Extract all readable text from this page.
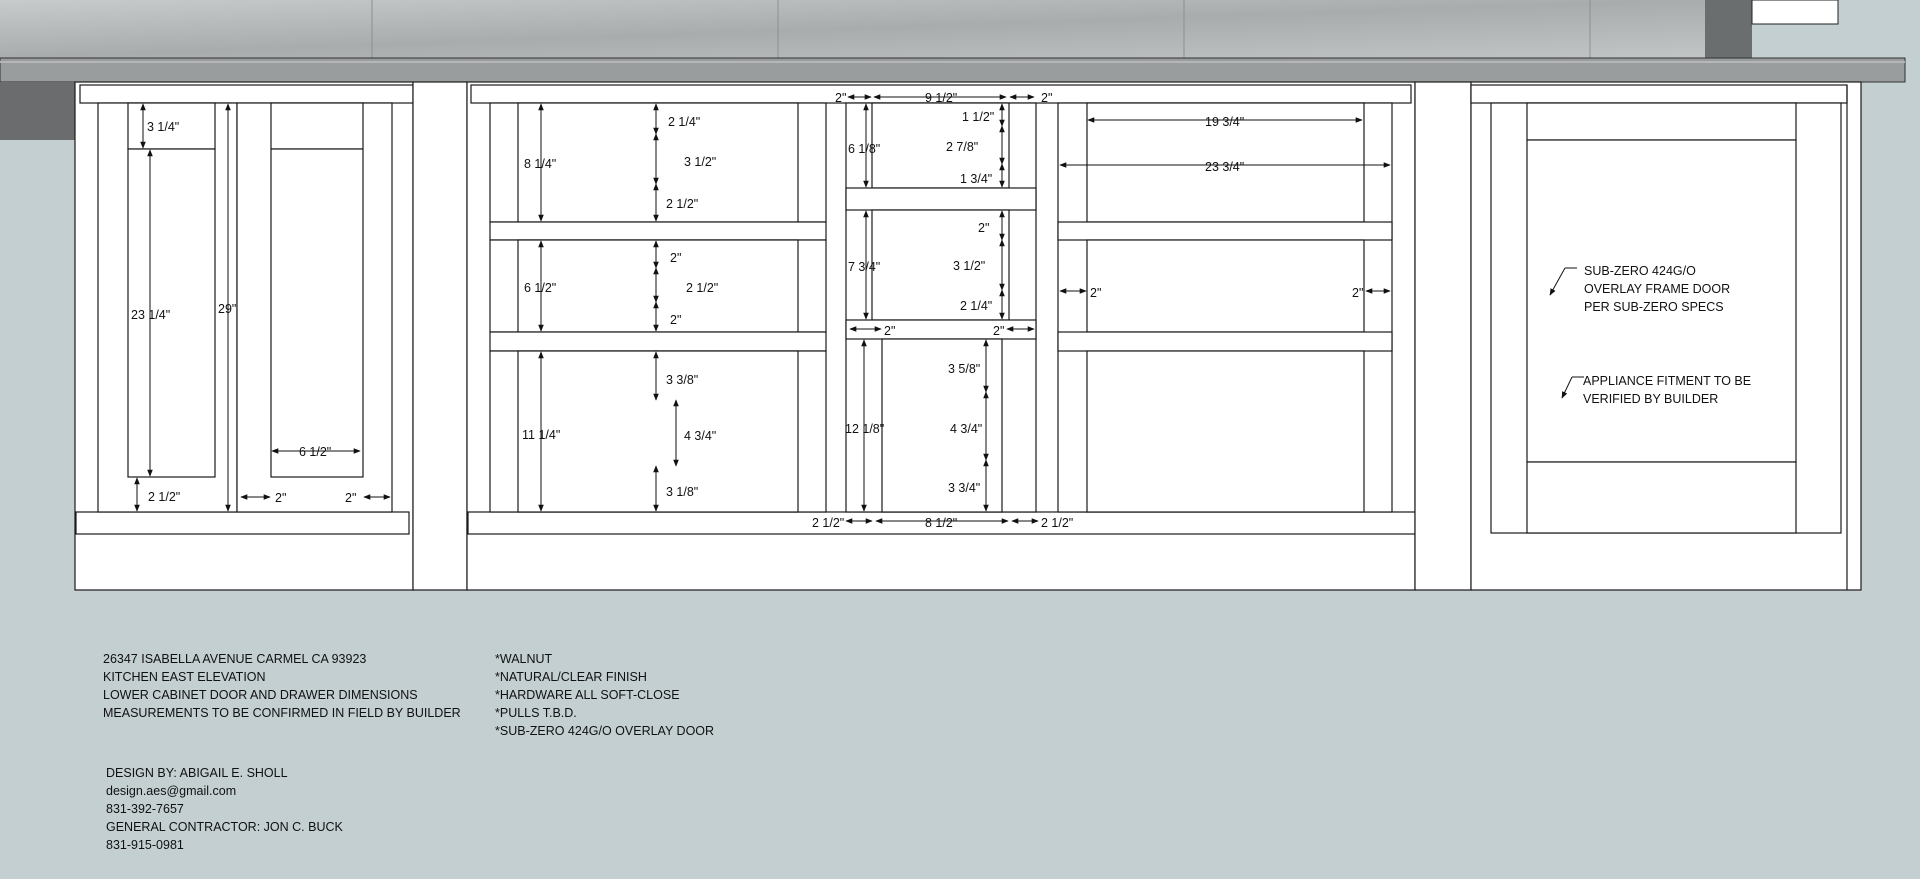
3 1/4"
23 1/4"	29"
2 1/2"
6 1/2"
2"	2"
8 1/4"
2 1/4"
3 1/2"
2 1/2"
6 1/2"
2"
2 1/2"
2"
11 1/4"
3 3/8"
4 3/4"
3 1/8"
2"	9 1/2"	2"
6 1/8"
1 1/2"
2 7/8"
1 3/4"
7 3/4"
2"
3 1/2"
2 1/4"
2"	2"
12 1/8"
3 5/8"
4 3/4"
3 3/4"
2 1/2"	8 1/2"	2 1/2"
19 3/4"
23 3/4"
2"	2"
26347 ISABELLA AVENUE CARMEL CA 93923
KITCHEN EAST ELEVATION
LOWER CABINET DOOR AND DRAWER DIMENSIONS
MEASUREMENTS TO BE CONFIRMED IN FIELD BY BUILDER
*WALNUT
*NATURAL/CLEAR FINISH
*HARDWARE ALL SOFT-CLOSE
*PULLS T.B.D.
*SUB-ZERO 424G/O OVERLAY DOOR
DESIGN BY: ABIGAIL E. SHOLL
design.aes@gmail.com
831-392-7657
GENERAL CONTRACTOR: JON C. BUCK
831-915-0981
SUB-ZERO 424G/O
OVERLAY FRAME DOOR
PER SUB-ZERO SPECS
APPLIANCE FITMENT TO BE
VERIFIED BY BUILDER
